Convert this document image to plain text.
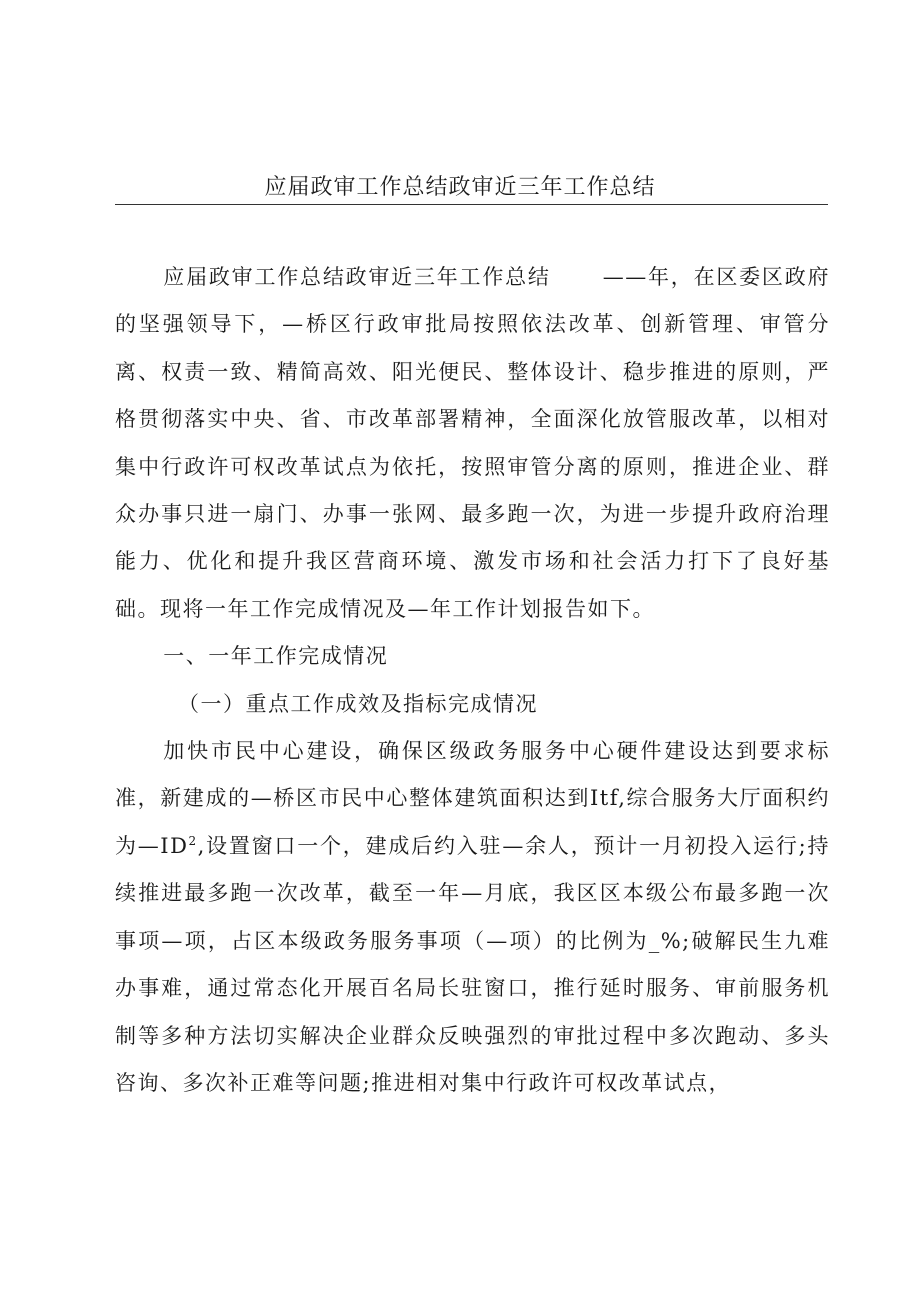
应届政审工作总结政审近三年工作总结

应届政审工作总结政审近三年工作总结 ——年，在区委区政府的坚强领导下，—桥区行政审批局按照依法改革、创新管理、审管分离、权责一致、精简高效、阳光便民、整体设计、稳步推进的原则，严格贯彻落实中央、省、市改革部署精神，全面深化放管服改革，以相对集中行政许可权改革试点为依托，按照审管分离的原则，推进企业、群众办事只进一扇门、办事一张网、最多跑一次，为进一步提升政府治理能力、优化和提升我区营商环境、激发市场和社会活力打下了良好基础。现将一年工作完成情况及—年工作计划报告如下。

一、一年工作完成情况

（一）重点工作成效及指标完成情况

加快市民中心建设，确保区级政务服务中心硬件建设达到要求标准，新建成的—桥区市民中心整体建筑面积达到Itf,综合服务大厅面积约为$—ID^2$,设置窗口一个，建成后约入驻—余人，预计一月初投入运行;持续推进最多跑一次改革，截至一年—月底，我区区本级公布最多跑一次事项—项，占区本级政务服务事项（—项）的比例为_%;破解民生九难办事难，通过常态化开展百名局长驻窗口，推行延时服务、审前服务机制等多种方法切实解决企业群众反映强烈的审批过程中多次跑动、多头咨询、多次补正难等问题;推进相对集中行政许可权改革试点，
